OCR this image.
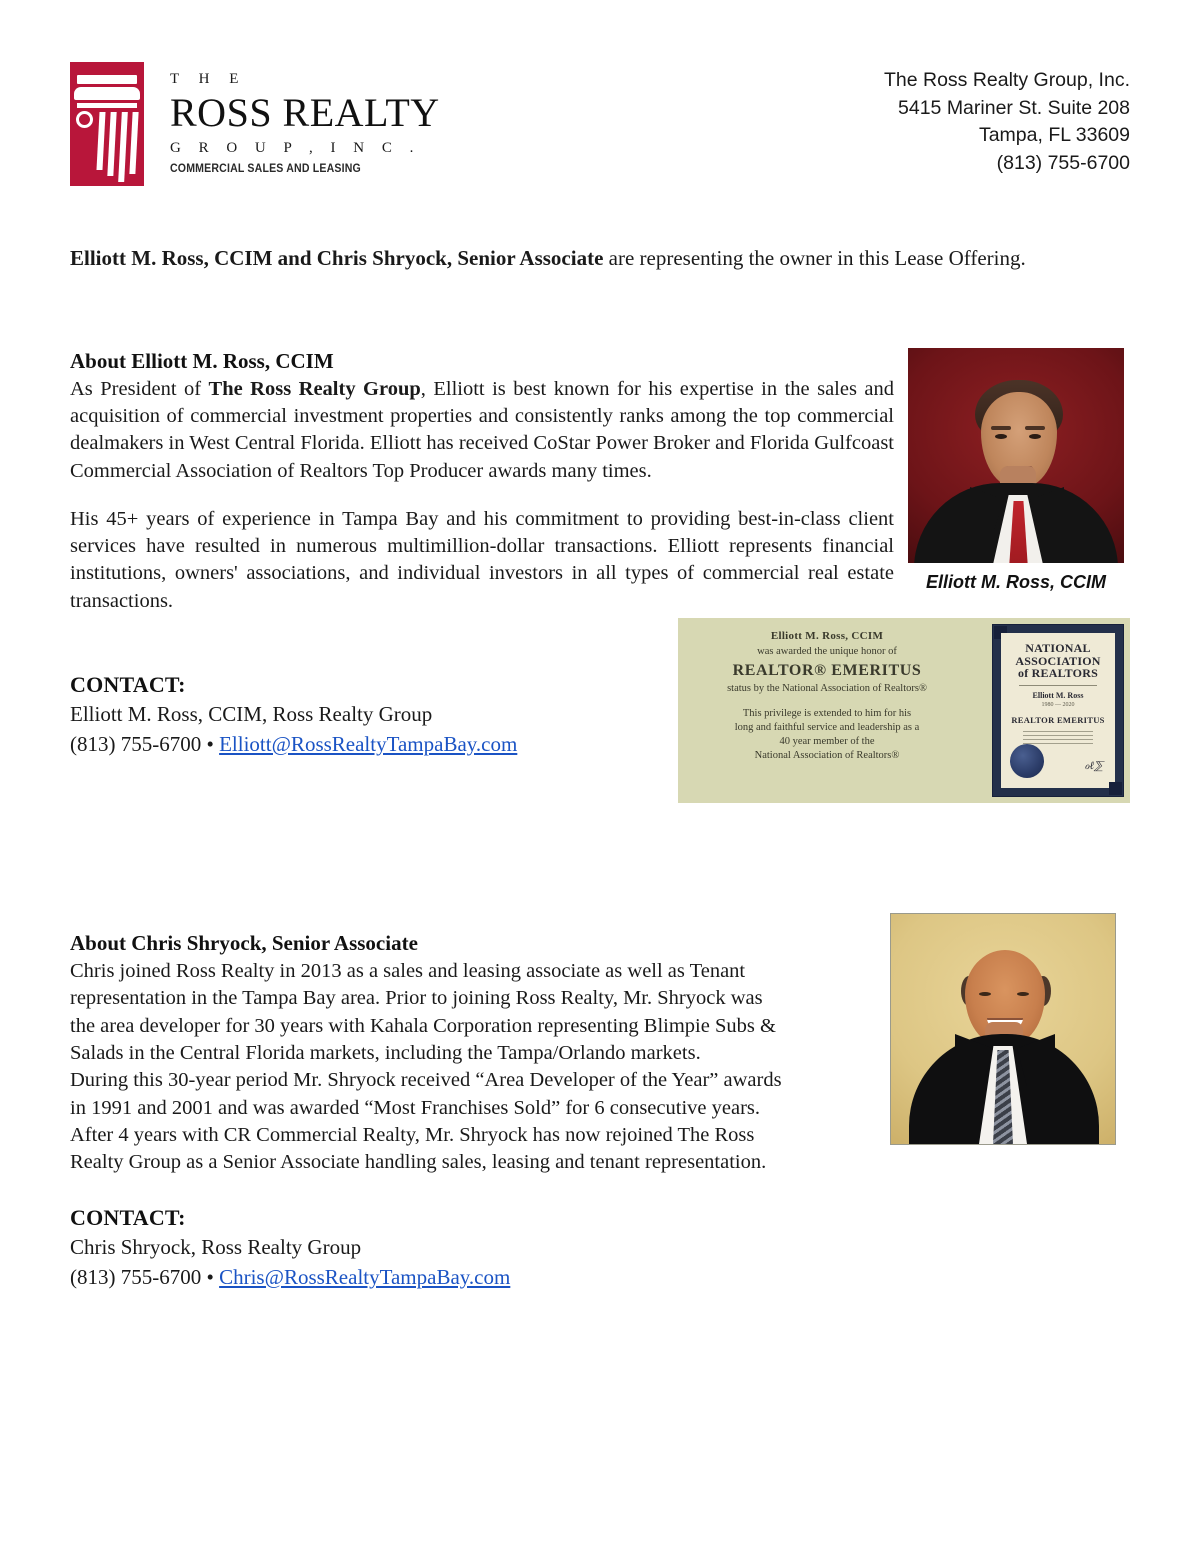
T H E
ROSS REALTY
G R O U P , I N C .
COMMERCIAL SALES AND LEASING
The Ross Realty Group, Inc.
5415 Mariner St. Suite 208
Tampa, FL 33609
(813) 755-6700
Elliott M. Ross, CCIM and Chris Shryock, Senior Associate are representing the owner in this Lease Offering.
About Elliott M. Ross, CCIM

As President of The Ross Realty Group, Elliott is best known for his expertise in the sales and acquisition of commercial investment properties and consistently ranks among the top commercial dealmakers in West Central Florida. Elliott has received CoStar Power Broker and Florida Gulfcoast Commercial Association of Realtors Top Producer awards many times.

His 45+ years of experience in Tampa Bay and his commitment to providing best-in-class client services have resulted in numerous multimillion-dollar transactions. Elliott represents financial institutions, owners' associations, and individual investors in all types of commercial real estate transactions.

Elliott M. Ross, CCIM
CONTACT:
Elliott M. Ross, CCIM, Ross Realty Group
(813) 755-6700 • Elliott@RossRealtyTampaBay.com
Elliott M. Ross, CCIM
was awarded the unique honor of
REALTOR® EMERITUS
status by the National Association of Realtors®
This privilege is extended to him for his
long and faithful service and leadership as a
40 year member of the
National Association of Realtors®
NATIONAL
ASSOCIATION
of REALTORS
Elliott M. Ross
1980 — 2020
REALTOR EMERITUS
ℴℓ⅀
About Chris Shryock, Senior Associate

Chris joined Ross Realty in 2013 as a sales and leasing associate as well as Tenant

representation in the Tampa Bay area. Prior to joining Ross Realty, Mr. Shryock was

the area developer for 30 years with Kahala Corporation representing Blimpie Subs &

Salads in the Central Florida markets, including the Tampa/Orlando markets.

During this 30-year period Mr. Shryock received “Area Developer of the Year” awards

in 1991 and 2001 and was awarded “Most Franchises Sold” for 6 consecutive years.

After 4 years with CR Commercial Realty, Mr. Shryock has now rejoined The Ross

Realty Group as a Senior Associate handling sales, leasing and tenant representation.

CONTACT:
Chris Shryock, Ross Realty Group
(813) 755-6700 • Chris@RossRealtyTampaBay.com
